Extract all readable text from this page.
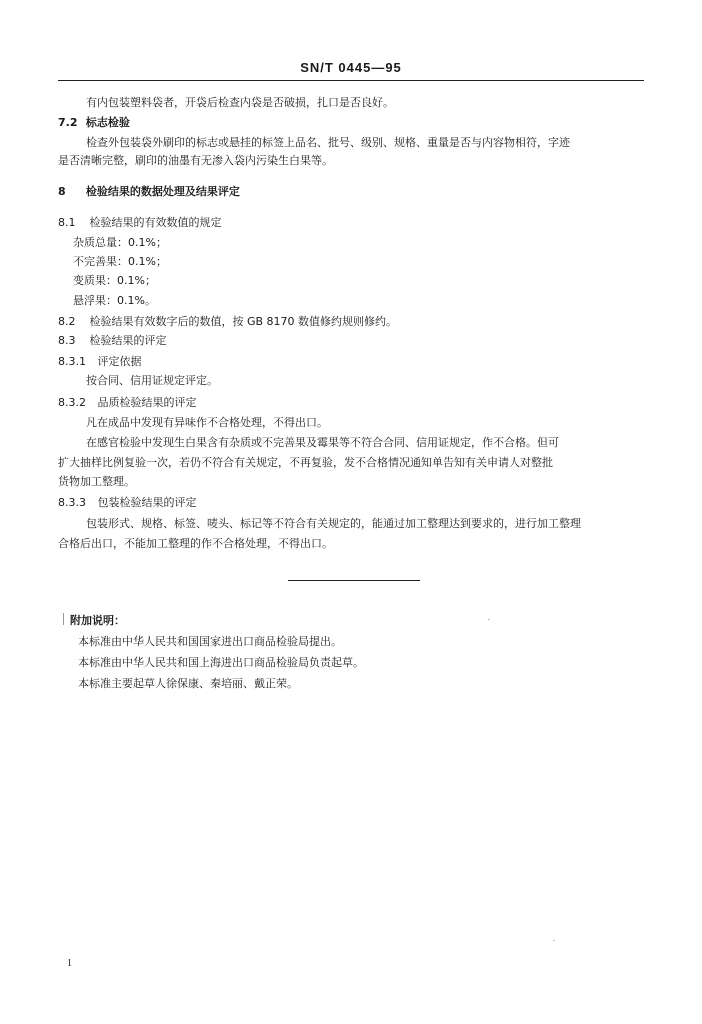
SN/T 0445—95
有内包装塑料袋者，开袋后检查内袋是否破损，扎口是否良好。
7.2 标志检验
检查外包装袋外刷印的标志或悬挂的标签上品名、批号、级别、规格、重量是否与内容物相符，字迹
是否清晰完整，刷印的油墨有无渗入袋内污染生白果等。
8 检验结果的数据处理及结果评定
8.1 检验结果的有效数值的规定
杂质总量：0.1%；
不完善果：0.1%；
变质果：0.1%；
悬浮果：0.1%。
8.2 检验结果有效数字后的数值，按 GB 8170 数值修约规则修约。
8.3 检验结果的评定
8.3.1 评定依据
按合同、信用证规定评定。
8.3.2 品质检验结果的评定
凡在成品中发现有异味作不合格处理，不得出口。
在感官检验中发现生白果含有杂质或不完善果及霉果等不符合合同、信用证规定，作不合格。但可
扩大抽样比例复验一次，若仍不符合有关规定，不再复验，发不合格情况通知单告知有关申请人对整批
货物加工整理。
8.3.3 包装检验结果的评定
包装形式、规格、标签、唛头、标记等不符合有关规定的，能通过加工整理达到要求的，进行加工整理
合格后出口，不能加工整理的作不合格处理，不得出口。
附加说明：
本标准由中华人民共和国国家进出口商品检验局提出。
本标准由中华人民共和国上海进出口商品检验局负责起草。
本标准主要起草人徐保康、秦培丽、戴正荣。
1
